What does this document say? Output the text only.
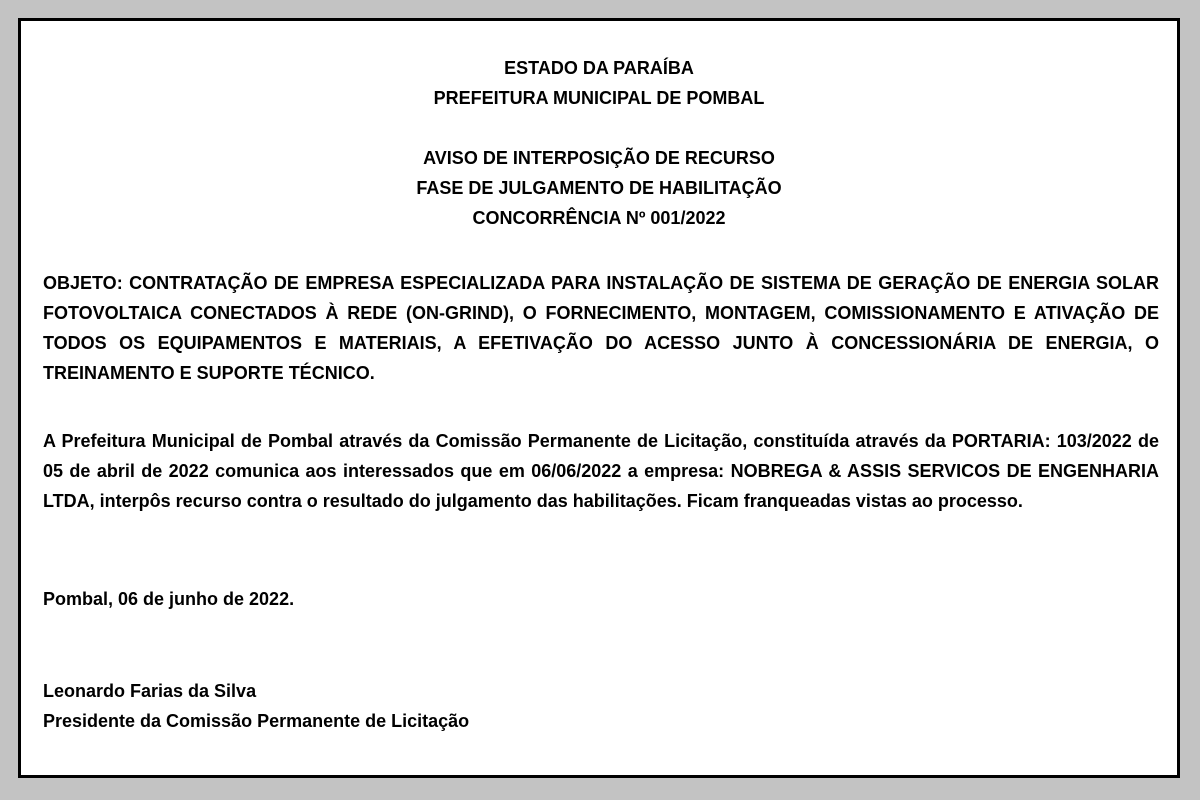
ESTADO DA PARAÍBA
PREFEITURA MUNICIPAL DE POMBAL
AVISO DE INTERPOSIÇÃO DE RECURSO
FASE DE JULGAMENTO DE HABILITAÇÃO
CONCORRÊNCIA Nº 001/2022
OBJETO: CONTRATAÇÃO DE EMPRESA ESPECIALIZADA PARA INSTALAÇÃO DE SISTEMA DE GERAÇÃO DE ENERGIA SOLAR FOTOVOLTAICA CONECTADOS À REDE (ON-GRIND), O FORNECIMENTO, MONTAGEM, COMISSIONAMENTO E ATIVAÇÃO DE TODOS OS EQUIPAMENTOS E MATERIAIS, A EFETIVAÇÃO DO ACESSO JUNTO À CONCESSIONÁRIA DE ENERGIA, O TREINAMENTO E SUPORTE TÉCNICO.
A Prefeitura Municipal de Pombal através da Comissão Permanente de Licitação, constituída através da PORTARIA: 103/2022 de 05 de abril de 2022 comunica aos interessados que em 06/06/2022 a empresa: NOBREGA & ASSIS SERVICOS DE ENGENHARIA LTDA, interpôs recurso contra o resultado do julgamento das habilitações. Ficam franqueadas vistas ao processo.
Pombal, 06 de junho de 2022.
Leonardo Farias da Silva
Presidente da Comissão Permanente de Licitação
